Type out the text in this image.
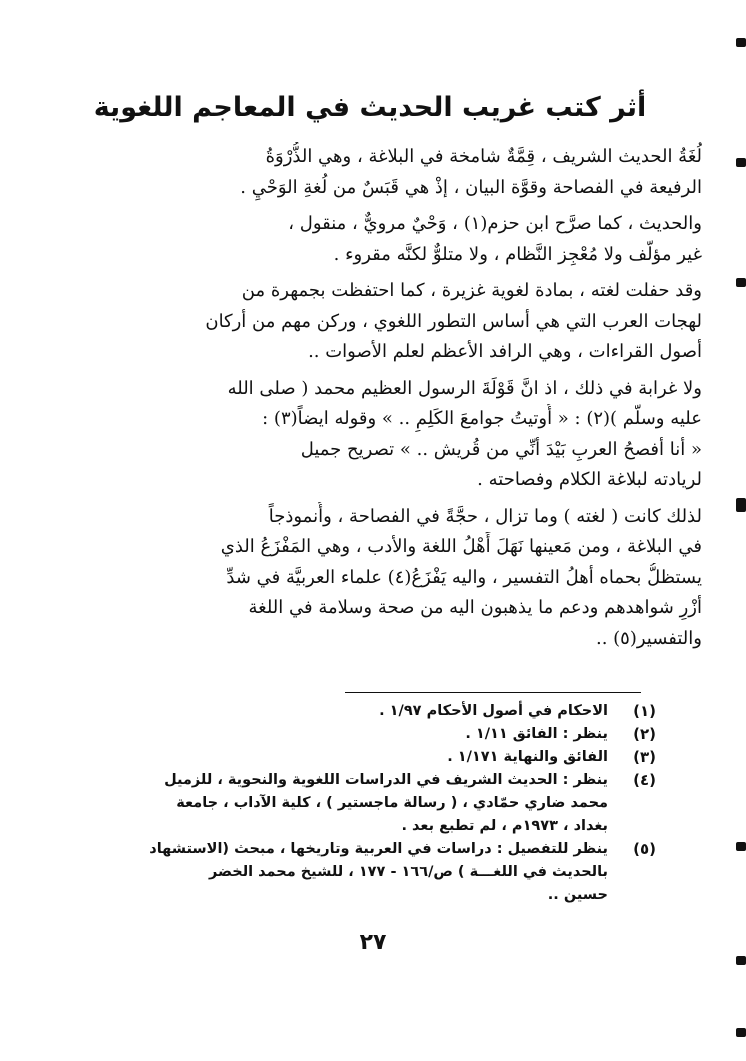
أثر كتب غريب الحديث في المعاجم اللغوية

لُغَةُ الحديث الشريف ، قِمَّةٌ شامخة في البلاغة ، وهي الذُّرْوَةُ
الرفيعة في الفصاحة وقوَّة البيان ، إذْ هي قَبَسٌ من لُغةِ الوَحْيِ .

والحديث ، كما صرَّح ابن حزم(١) ، وَحْيٌ مرويٌّ ، منقول ،
غير مؤلَّف ولا مُعْجِز النَّظام ، ولا متلوٌّ لكنَّه مقروء .

وقد حفلت لغته ، بمادة لغوية غزيرة ، كما احتفظت بجمهرة من
لهجات العرب التي هي أساس التطور اللغوي ، وركن مهم من أركان
أصول القراءات ، وهي الرافد الأعظم لعلم الأصوات ..

ولا غرابة في ذلك ، اذ انَّ قَوْلَةَ الرسول العظيم محمد ( صلى الله
عليه وسلَّم )(٢) : « أُوتيتُ جوامعَ الكَلِمِ .. » وقوله ايضاً(٣) :
« أنا أفصحُ العربِ بَيْدَ أنِّي من قُريش .. » تصريح جميل
لريادته لبلاغة الكلام وفصاحته .

لذلك كانت ( لغته ) وما تزال ، حجَّةً في الفصاحة ، وأُنموذجاً
في البلاغة ، ومن مَعينها نَهَلَ أَهْلُ اللغة والأدب ، وهي المَفْزَعُ الذي
يستظلُّ بحماه أهلُ التفسير ، واليه يَفْزَعُ(٤) علماء العربيَّة في شدِّ
أزْرِ شواهدهم ودعم ما يذهبون اليه من صحة وسلامة في اللغة
والتفسير(٥) ..

(١)
الاحكام في أصول الأحكام ١/٩٧ .
(٢)
ينظر : الفائق ١/١١ .
(٣)
الفائق والنهاية ١/١٧١ .
(٤)
ينظر : الحديث الشريف في الدراسات اللغوية والنحوية ، للزميل
محمد ضاري حمّادي ، ( رسالة ماجستير ) ، كلية الآداب ، جامعة
بغداد ، ١٩٧٣م ، لم تطبع بعد .
(٥)
ينظر للتفصيل : دراسات في العربية وتاريخها ، مبحث (الاستشهاد
بالحديث في اللغـــة ) ص/١٦٦ - ١٧٧ ، للشيخ محمد الخضر
حسين ..
٢٧
